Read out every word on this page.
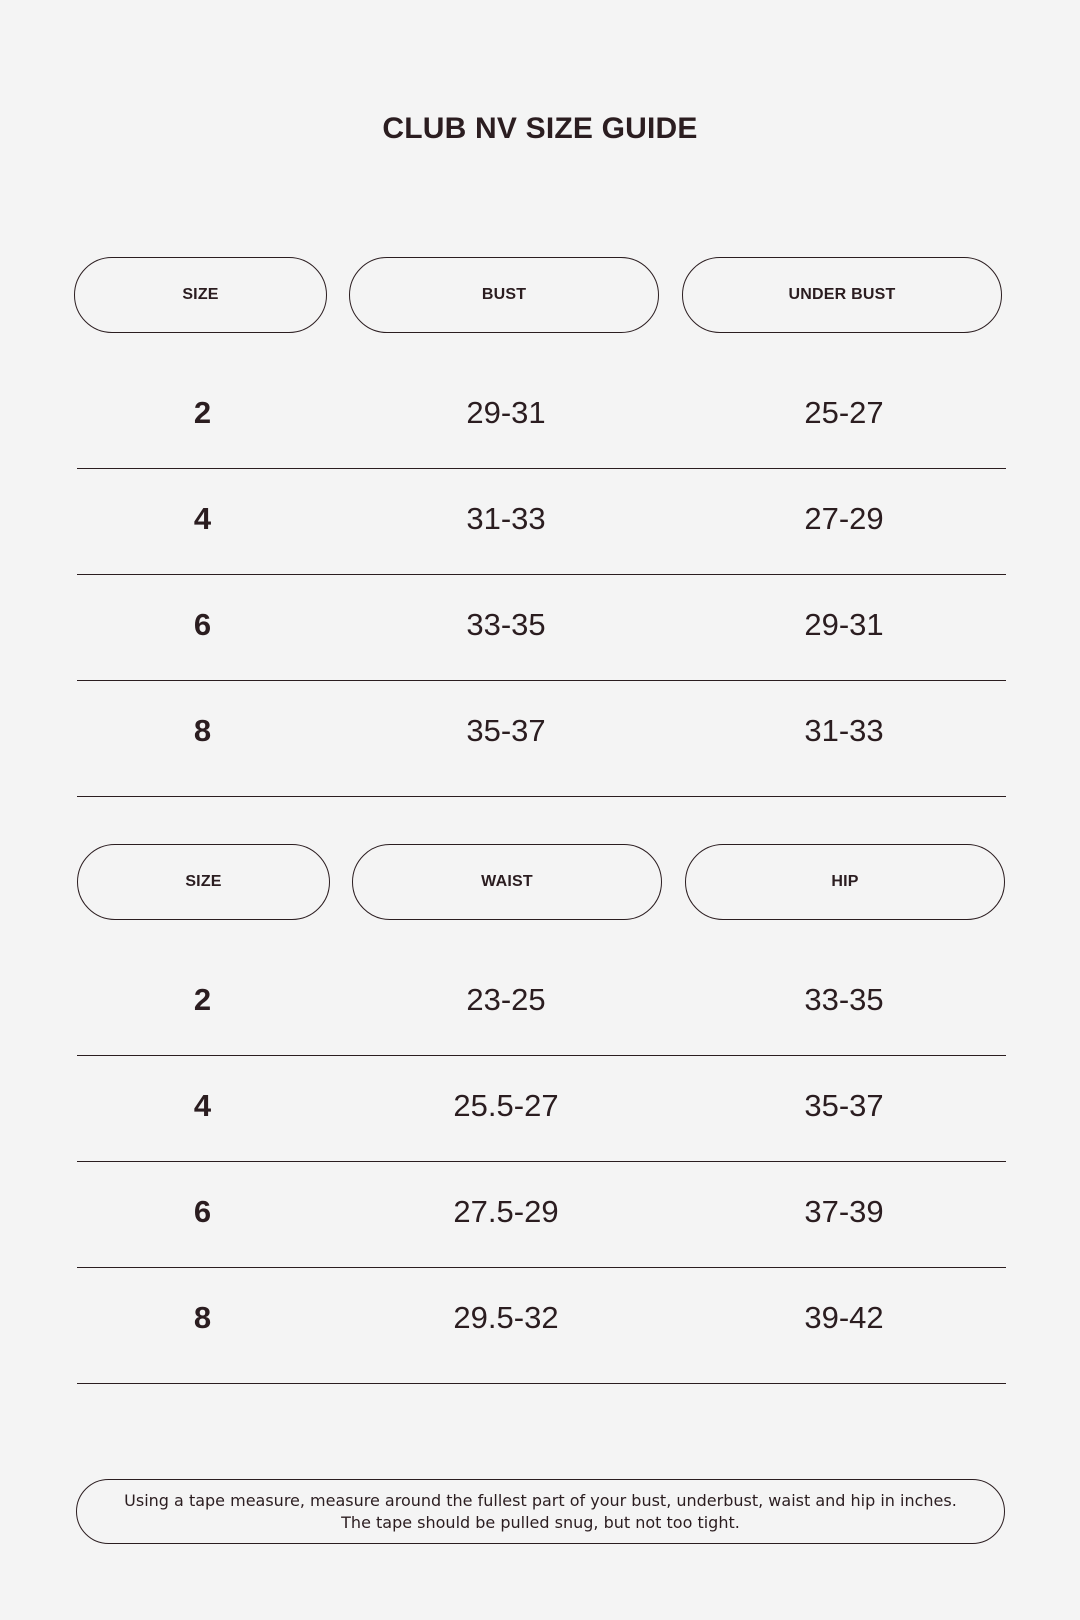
CLUB NV SIZE GUIDE
SIZE	BUST	UNDER BUST
2	29-31	25-27
4	31-33	27-29
6	33-35	29-31
8	35-37	31-33
SIZE	WAIST	HIP
2	23-25	33-35
4	25.5-27	35-37
6	27.5-29	37-39
8	29.5-32	39-42
Using a tape measure, measure around the fullest part of your bust, underbust, waist and hip in inches.
The tape should be pulled snug, but not too tight.
